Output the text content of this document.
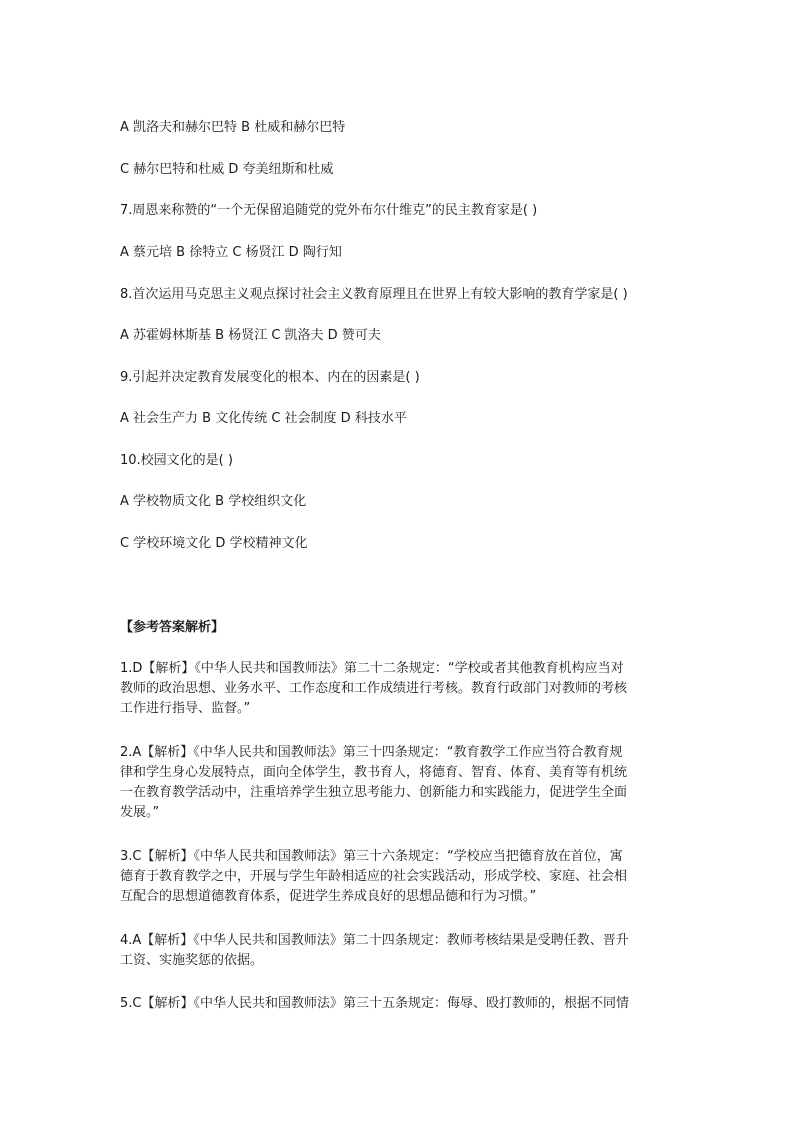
A 凯洛夫和赫尔巴特 B 杜威和赫尔巴特
C 赫尔巴特和杜威 D 夸美纽斯和杜威
7.周恩来称赞的“一个无保留追随党的党外布尔什维克”的民主教育家是( )
A 蔡元培 B 徐特立 C 杨贤江 D 陶行知
8.首次运用马克思主义观点探讨社会主义教育原理且在世界上有较大影响的教育学家是( )
A 苏霍姆林斯基 B 杨贤江 C 凯洛夫 D 赞可夫
9.引起并决定教育发展变化的根本、内在的因素是( )
A 社会生产力 B 文化传统 C 社会制度 D 科技水平
10.校园文化的是( )
A 学校物质文化 B 学校组织文化
C 学校环境文化 D 学校精神文化
【参考答案解析】
1.D【解析】《中华人民共和国教师法》第二十二条规定：“学校或者其他教育机构应当对
教师的政治思想、业务水平、工作态度和工作成绩进行考核。教育行政部门对教师的考核
工作进行指导、监督。”
2.A【解析】《中华人民共和国教师法》第三十四条规定：“教育教学工作应当符合教育规
律和学生身心发展特点，面向全体学生，教书育人，将德育、智育、体育、美育等有机统
一在教育教学活动中，注重培养学生独立思考能力、创新能力和实践能力，促进学生全面
发展。”
3.C【解析】《中华人民共和国教师法》第三十六条规定：“学校应当把德育放在首位，寓
德育于教育教学之中，开展与学生年龄相适应的社会实践活动，形成学校、家庭、社会相
互配合的思想道德教育体系，促进学生养成良好的思想品德和行为习惯。”
4.A【解析】《中华人民共和国教师法》第二十四条规定：教师考核结果是受聘任教、晋升
工资、实施奖惩的依据。
5.C【解析】《中华人民共和国教师法》第三十五条规定：侮辱、殴打教师的，根据不同情
